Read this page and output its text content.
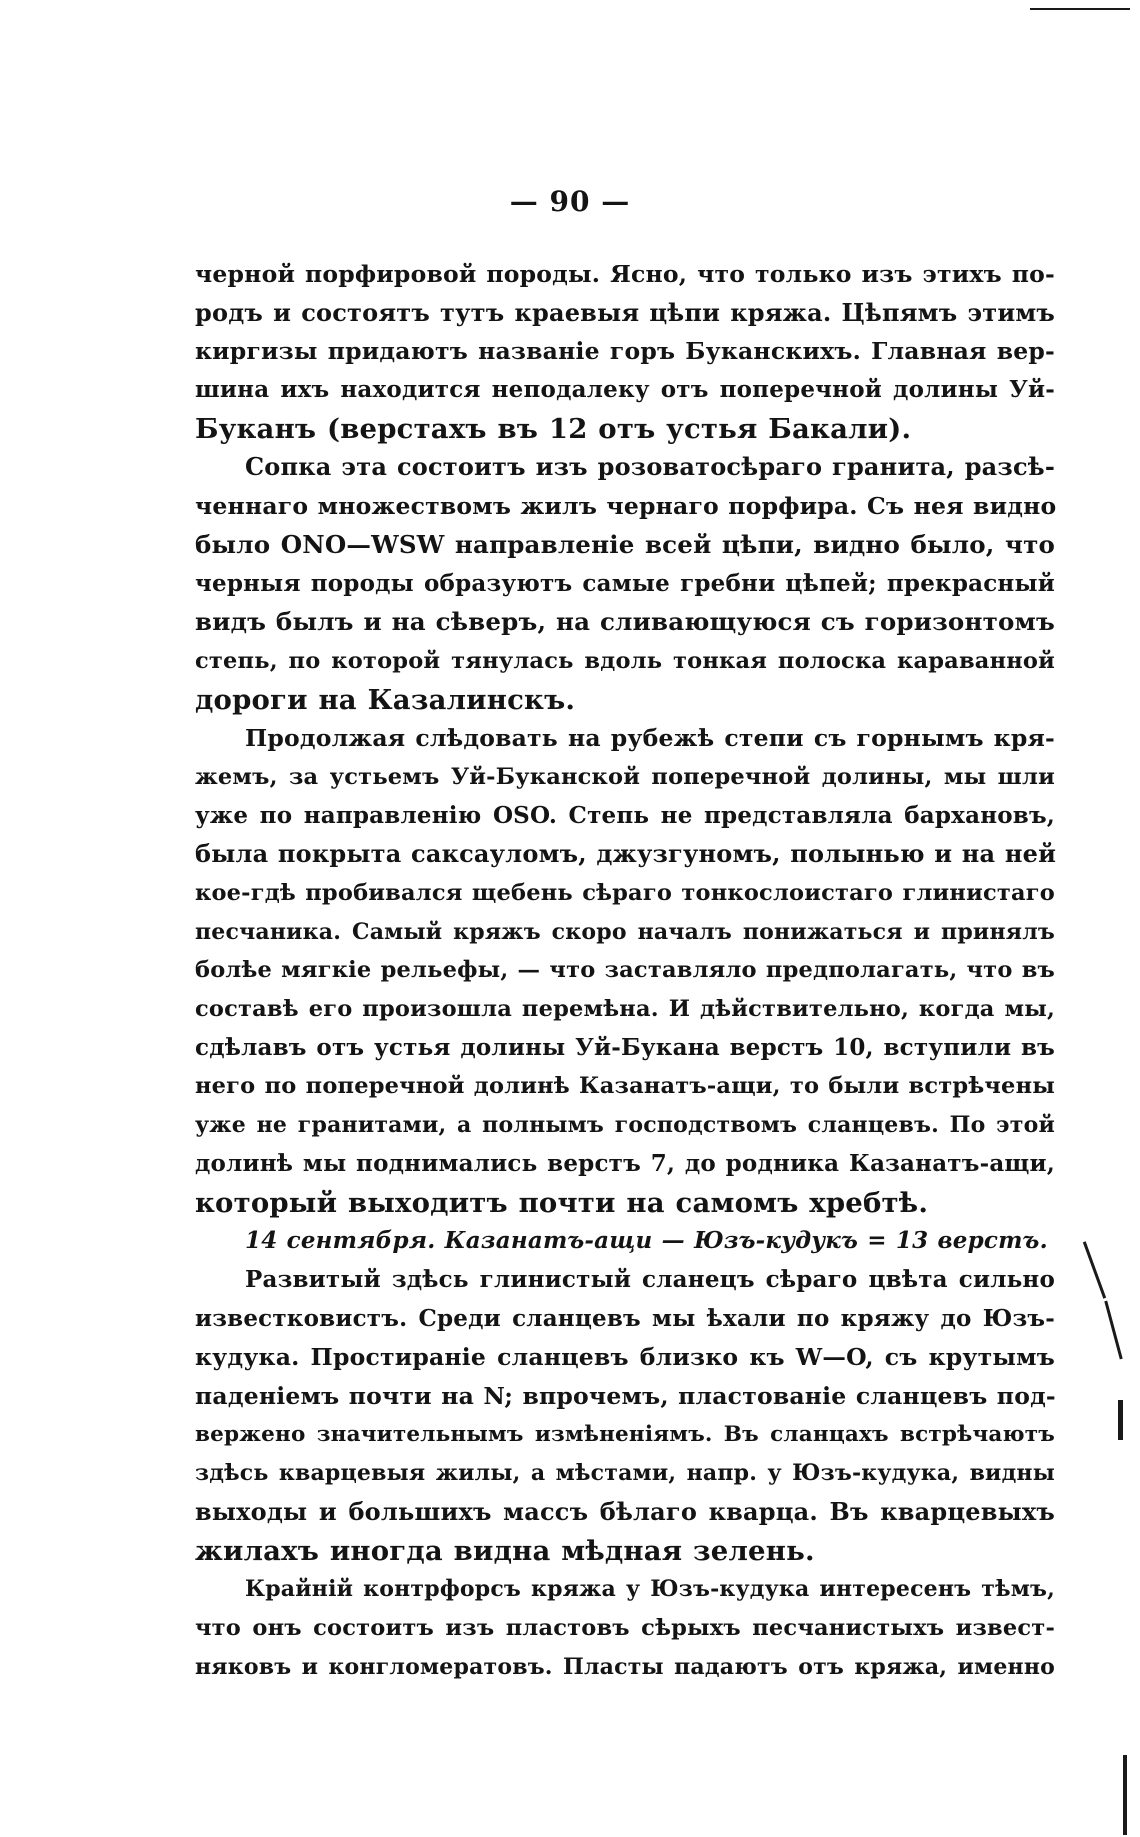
— 90 —
черной порфировой породы. Ясно, что только изъ этихъ по-
родъ и состоятъ тутъ краевыя цѣпи кряжа. Цѣпямъ этимъ
киргизы придаютъ названіе горъ Буканскихъ. Главная вер-
шина ихъ находится неподалеку отъ поперечной долины Уй-
Буканъ (верстахъ въ 12 отъ устья Бакали).
Сопка эта состоитъ изъ розоватосѣраго гранита, разсѣ-
ченнаго множествомъ жилъ чернаго порфира. Съ нея видно
было ONO—WSW направленіе всей цѣпи, видно было, что
черныя породы образуютъ самые гребни цѣпей; прекрасный
видъ былъ и на сѣверъ, на сливающуюся съ горизонтомъ
степь, по которой тянулась вдоль тонкая полоска караванной
дороги на Казалинскъ.
Продолжая слѣдовать на рубежѣ степи съ горнымъ кря-
жемъ, за устьемъ Уй-Буканской поперечной долины, мы шли
уже по направленію OSO. Степь не представляла бархановъ,
была покрыта саксауломъ, джузгуномъ, полынью и на ней
кое-гдѣ пробивался щебень сѣраго тонкослоистаго глинистаго
песчаника. Самый кряжъ скоро началъ понижаться и принялъ
болѣе мягкіе рельефы, — что заставляло предполагать, что въ
составѣ его произошла перемѣна. И дѣйствительно, когда мы,
сдѣлавъ отъ устья долины Уй-Букана верстъ 10, вступили въ
него по поперечной долинѣ Казанатъ-ащи, то были встрѣчены
уже не гранитами, а полнымъ господствомъ сланцевъ. По этой
долинѣ мы поднимались верстъ 7, до родника Казанатъ-ащи,
который выходитъ почти на самомъ хребтѣ.
14 сентября. Казанатъ-ащи — Юзъ-кудукъ = 13 верстъ.
Развитый здѣсь глинистый сланецъ сѣраго цвѣта сильно
известковистъ. Среди сланцевъ мы ѣхали по кряжу до Юзъ-
кудука. Простираніе сланцевъ близко къ W—O, съ крутымъ
паденіемъ почти на N; впрочемъ, пластованіе сланцевъ под-
вержено значительнымъ измѣненіямъ. Въ сланцахъ встрѣчаютъ
здѣсь кварцевыя жилы, а мѣстами, напр. у Юзъ-кудука, видны
выходы и большихъ массъ бѣлаго кварца. Въ кварцевыхъ
жилахъ иногда видна мѣдная зелень.
Крайній контрфорсъ кряжа у Юзъ-кудука интересенъ тѣмъ,
что онъ состоитъ изъ пластовъ сѣрыхъ песчанистыхъ извест-
няковъ и конгломератовъ. Пласты падаютъ отъ кряжа, именно
